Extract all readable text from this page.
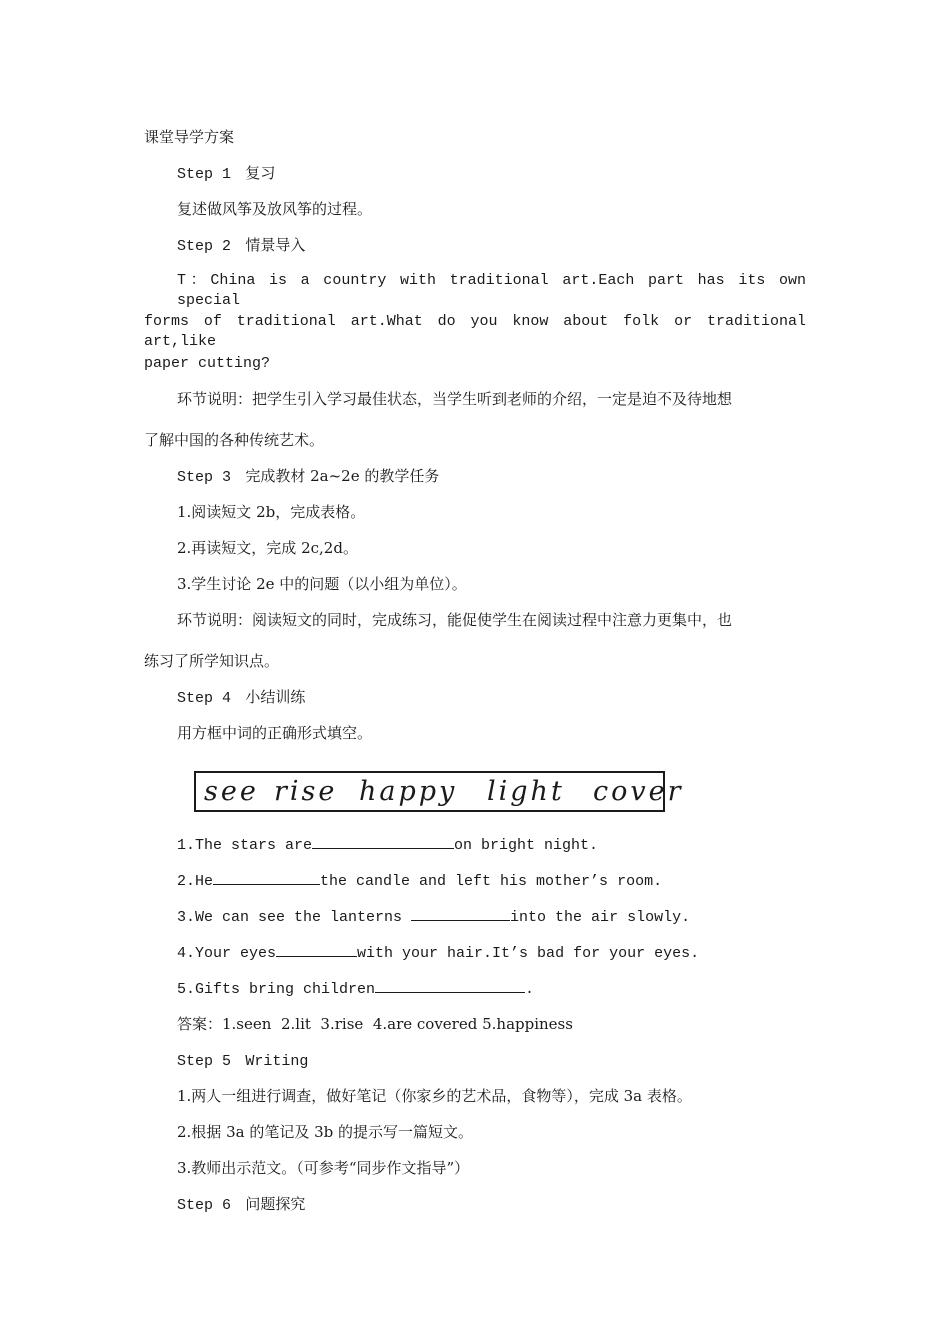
课堂导学方案
Step 1 复习
复述做风筝及放风筝的过程。
Step 2 情景导入
T：China is a country with traditional art.Each part has its own special
forms of traditional art.What do you know about folk or traditional art,like
paper cutting?
环节说明：把学生引入学习最佳状态，当学生听到老师的介绍，一定是迫不及待地想
了解中国的各种传统艺术。
Step 3 完成教材 2a~2e 的教学任务
1.阅读短文 2b，完成表格。
2.再读短文，完成 2c,2d。
3.学生讨论 2e 中的问题（以小组为单位）。
环节说明：阅读短文的同时，完成练习，能促使学生在阅读过程中注意力更集中，也
练习了所学知识点。
Step 4 小结训练
用方框中词的正确形式填空。
see rise happy light cover
1.The stars are	on bright night.
2.He	the candle and left his mother’s room.
3.We can see the lanterns	into the air slowly.
4.Your eyes	with your hair.It’s bad for your eyes.
5.Gifts bring children	.
答案：1.seen  2.lit  3.rise  4.are covered 5.happiness
Step 5 Writing
1.两人一组进行调查，做好笔记（你家乡的艺术品，食物等），完成 3a 表格。
2.根据 3a 的笔记及 3b 的提示写一篇短文。
3.教师出示范文。（可参考“同步作文指导”）
Step 6 问题探究
